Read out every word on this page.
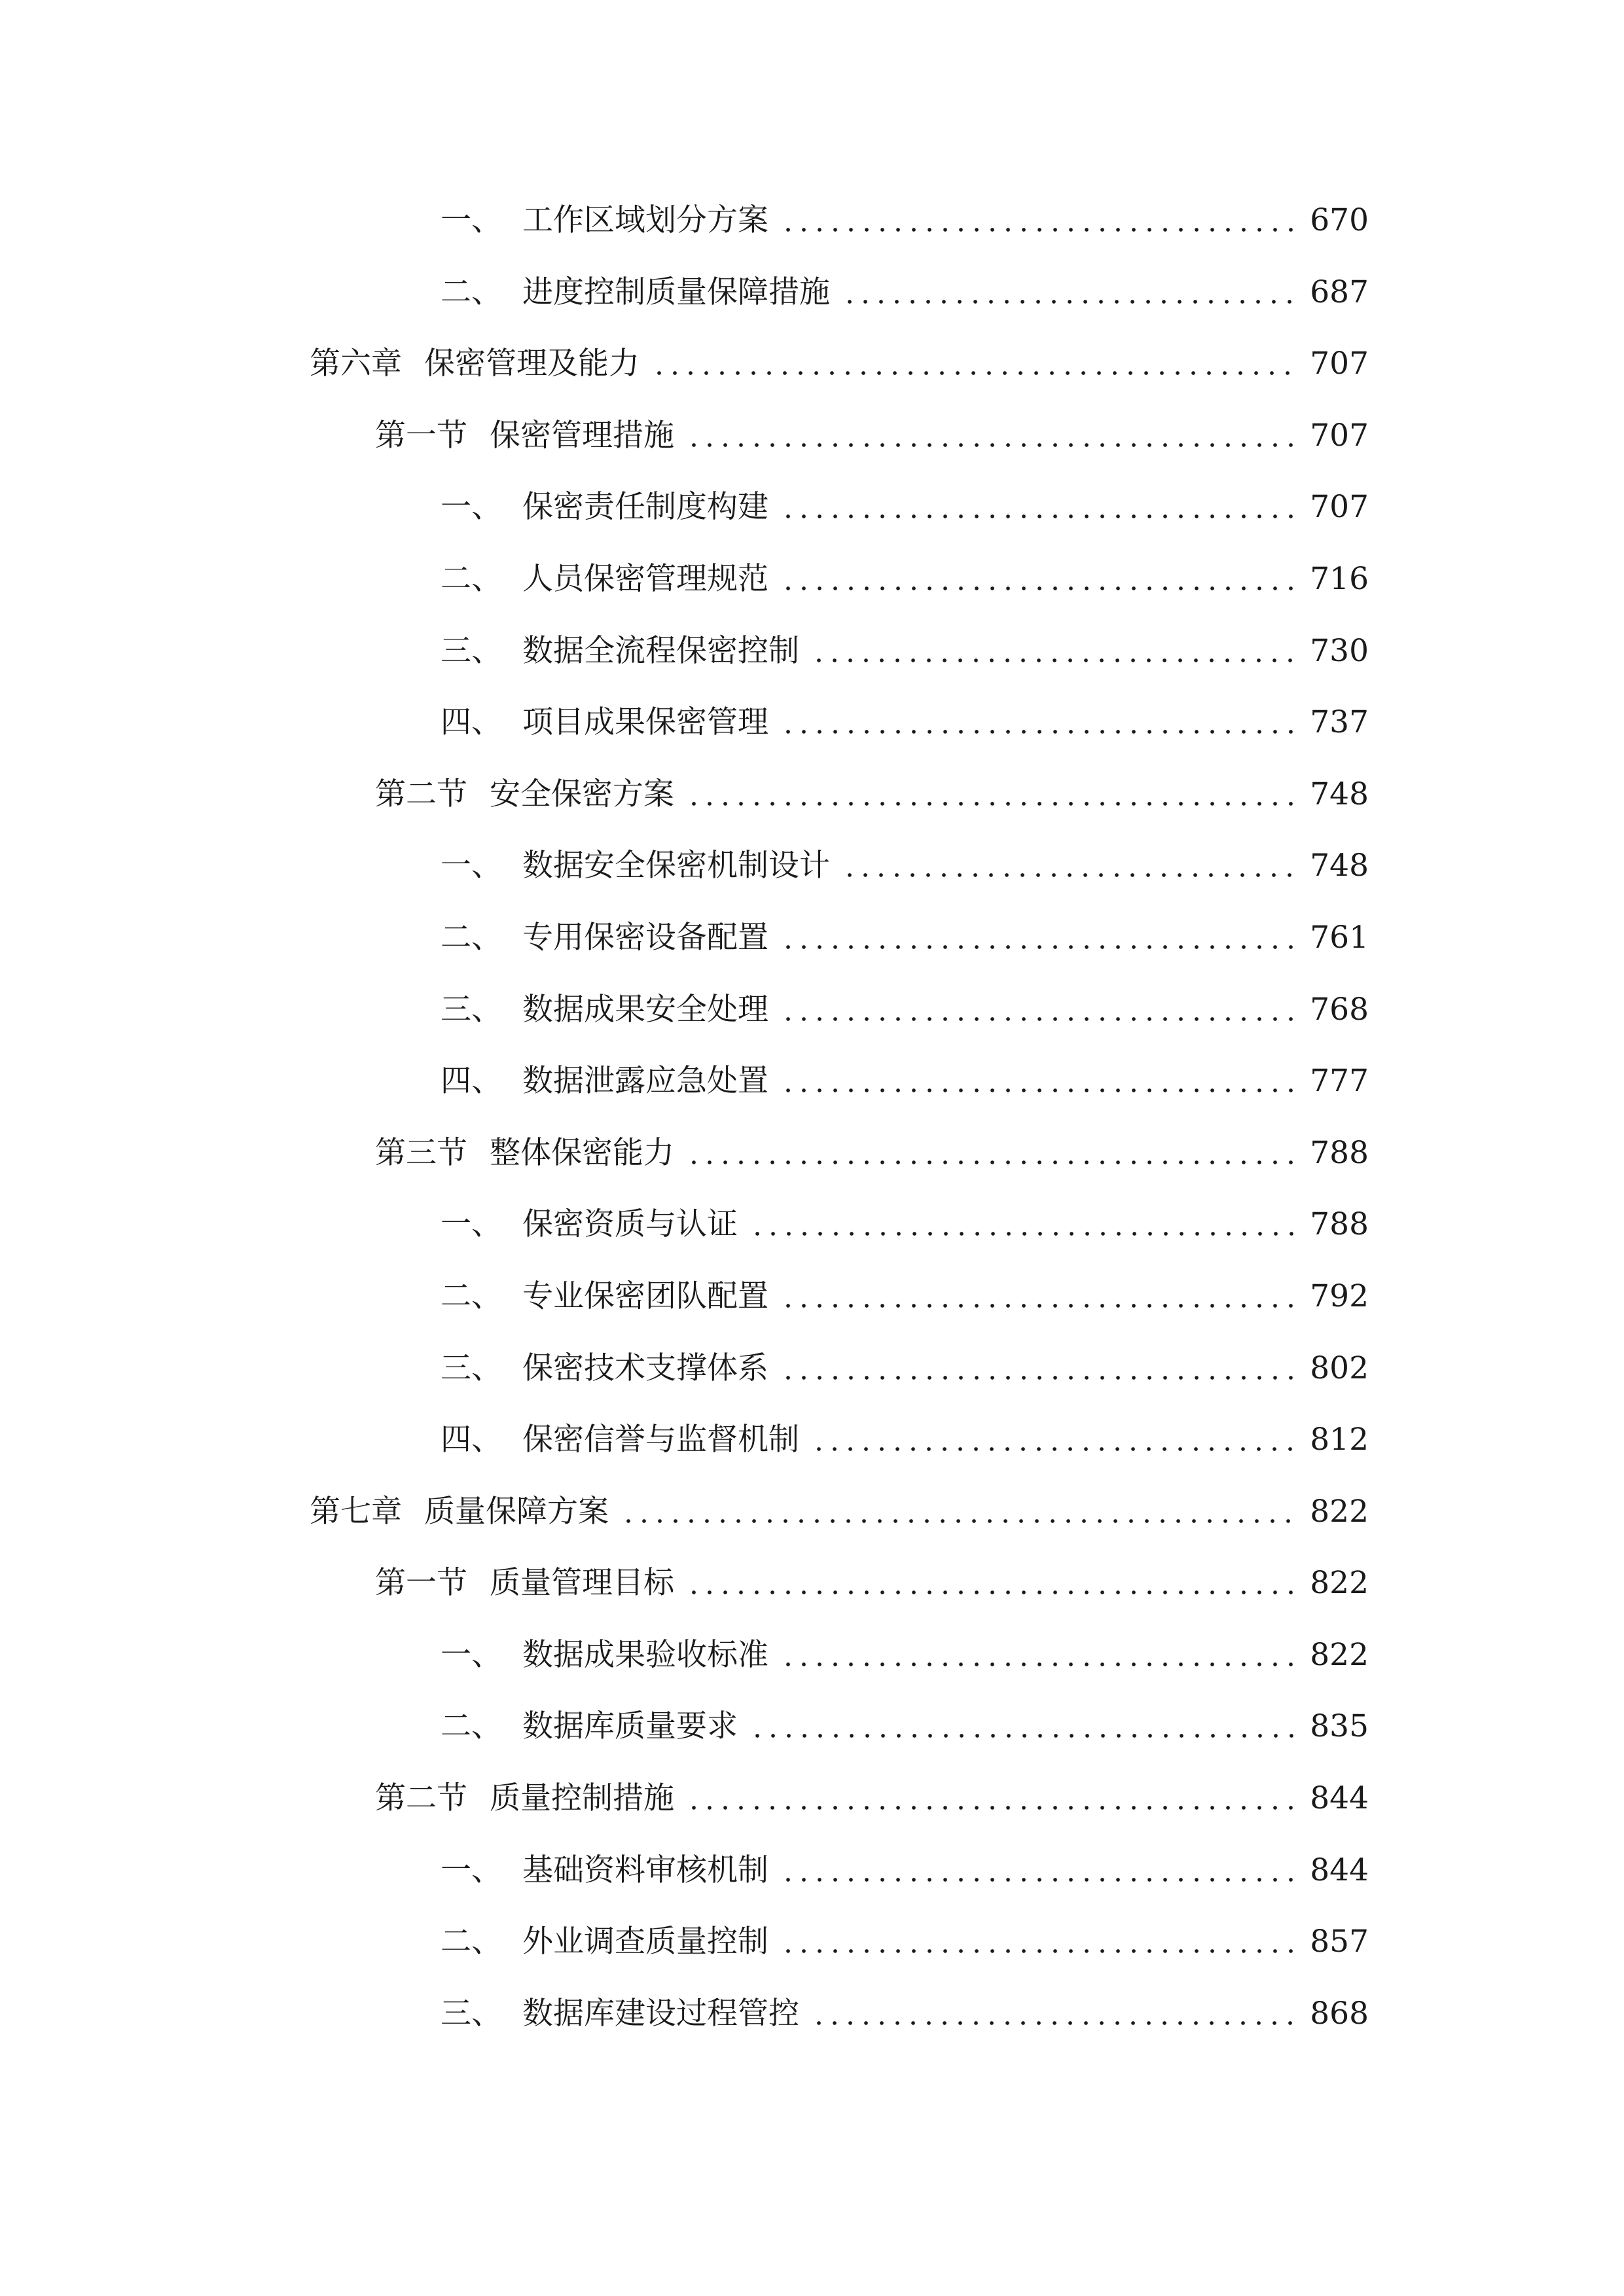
一、 工作区域划分方案	670
二、 进度控制质量保障措施	687
第六章 保密管理及能力	707
第一节 保密管理措施	707
一、 保密责任制度构建	707
二、 人员保密管理规范	716
三、 数据全流程保密控制	730
四、 项目成果保密管理	737
第二节 安全保密方案	748
一、 数据安全保密机制设计	748
二、 专用保密设备配置	761
三、 数据成果安全处理	768
四、 数据泄露应急处置	777
第三节 整体保密能力	788
一、 保密资质与认证	788
二、 专业保密团队配置	792
三、 保密技术支撑体系	802
四、 保密信誉与监督机制	812
第七章 质量保障方案	822
第一节 质量管理目标	822
一、 数据成果验收标准	822
二、 数据库质量要求	835
第二节 质量控制措施	844
一、 基础资料审核机制	844
二、 外业调查质量控制	857
三、 数据库建设过程管控	868
